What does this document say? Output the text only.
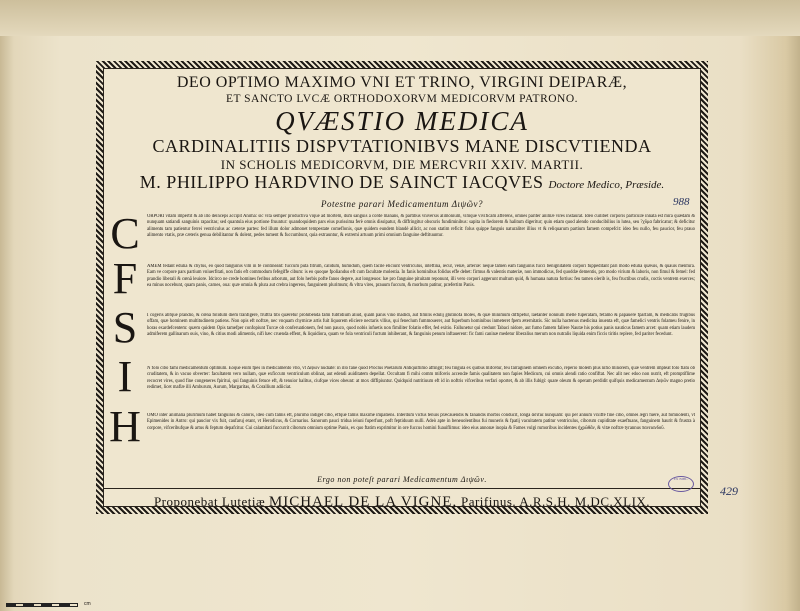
DEO OPTIMO MAXIMO VNI ET TRINO, VIRGINI DEIPARÆ,
ET SANCTO LVCÆ ORTHODOXORVM MEDICORVM PATRONO.
QVÆSTIO MEDICA
CARDINALITIIS DISPVTATIONIBVS MANE DISCVTIENDA
IN SCHOLIS MEDICORVM, DIE MERCVRII XXIV. MARTII.
M. PHILIPPO HARDVINO DE SAINCT IACQVES Doctore Medico, Præside.
Potestne parari Medicamentum Διψῶν?	988
C	ORPORI vitam impertit & ab illo deinceps accipit Anima: sic vita semper productiva vique ad mortem, dum sanguis à corde manans, & partibus vniversis alimonium, vimque vivificam afferens, omnes pariter animæ vires instaurat. Ideò cuilibet corporis particulæ innata est mira quædam & nunquam satiandi sanguinis rapacitas; sed quantula eius portione fruuntur: quandoquidem pars eius purissima ferè omnis dissipatur, & diffringitur obscuris fundiminibus: sapita in fiedorem & halitum digeritur; quin etiam quod alendo conducibilius in lutea, seu ?χῦμα fabricatur; & deficitur alimentu tam patientur ferrei ventriculus ac cæteræ partes: fed illum dolor admonet tempestate comeflonis, quæ quidem eundem blandè allicit, ac non statim reficit: folus quippe fanguis naturaliter illius vt & reliquarum partium famem compefcit: ideo feu nullo, feu paucior, feu prauo alimento vtatis, præ cæteris genua debilitantur & dolent, pedes tument & fuccumbunt, quia extrauntur, & extremi artuum primi omnium fanguine deftituuntur.
F	AMEM fedant edulia & chylus, eo quod fanguinis vim in fe contineant: fuccum puta fitrum, calidum, humidum, quem facile eliciunt ventriculus, inteftina, iecur, venæ, arteriæ: neque tamen eam fanguinis fucci benignitatem corpori fuppeditant pari modo edulia quæuis, & quauis menfura. Eam ve corpore pars partium vniuerfitati, non fatis eft commodum fefegiffe cibum: is eo quoque fpoliandus eft cum facultate molestia. In fanis hominibus folidus effe debet: firmus & valentis materiæ, non immodicus, fed quoddæ dementis, pro modo virium & laboris, non fimul & femel: fed prandio liberali & cœnâ leuiore. Idcirco ne crede homines feribus arborum, aut folo herbis pofte fanos degere, aut longæuos: hæ pro fanguine pituitam reponunt, illi vero corpori aggerunt multum quid, & humana natura fortius: feu tamen olerib is, feu fructibus crudis, coctis ventrem exerces; ea minus nocebunt, quam panis, carnes, oua: quæ omnia & plura aut crebra ingerens, fanguinem plurimum; & vltra vires, prauum fuccum, & morbum patitur, præfertim Panis.
S	I cogeris abfque prandio, & cœnâ folidum diem tranfigere, fruftrà tibi quæretur prohibenda fami fubfidium aliud, quàm panis vino madidi, aut fimilis edulij glutinofa moles, & quæ minimùm diffipetur, laétanter nonnulli melle fuperatam, fefamo & papauere fparfam, & medicatis frugibus offam, quæ hominem multitudinem patiens. Non opis eft noftræ, nec vnquam chymicæ artis fuit liquorem eliciere nectaris vllius, qui feneclum fummouerer, aut fuperbum hominibus inmeteret fpem æternitatis. Sic nulla hactenus medicina inuenta eft, quæ famelici ventris folameu fenire, in horas exardefcentem: quæm quidem Opis tamefper confopiunt Turcæ ob conferuationem, fed non pauco, quod nobis infuetis non fimiliter folatio effet, fed exitio. Fallunetur qui credunt Tabaci nidore, aut fumo famem fallere Nautæ his potius panis nauticus famem arcet: quam etiam laudem admiferem gallinarum ouis, vino, & citius modi alimentis, nifi hæc cruenda effent, & liquidiora, quam ve fola ventriculi fuctum inhiberant, & fanguinis penum inftauerent: fic fami caninæ medetur liberalius merum non nutralis liquida enim ficcis tiritis replere, fed pariter fecedunt.
I	N folo cibo fami medicamentum optimum. Eoque enim fpes in medicamento vllo, vt Διψῶν nudiate: in illo fane quod Proclus Poetarum Antiquiflimo affingit; feu fingula ex quibus mifcetur, feu farraginem omnem excutio, reperio molem plus nifio minorem, quæ ventrem impleat folo flatu ob cruditatem, & in vacuo obverter: facultatem vero nullam, quæ exficcum ventriculum oblinat, aut edendi auiditatem depellat. Occultam fi mihi comm mifceris accendæ famis qualitatem non fapies Medicum, cui omnis alendi ratio confiftat. Nec alit nec edoo non nutrit, eft promptiflime recocret vires, quod fine congeneres fpiritui, qui fanguinis fetuce eft, & tenuior halitus, ciufque vices obeunt: at mox diffipiuntur. Quidquid nutritiuum eft id in noftris vifceribus verfari oportet, & ab illis fubigi: quare oleum & operam perdidit quifquis medicamentum Διψῶν magno pretio redimet, licet maflæ illi Amburum, Aurum, Margaritas, & Corallium adiiciat.
H	OMO inter animalia plurimùm habet fanguinis & caloris, ideo cum famis eft, plurimo indiget cibo, eftque famis maximè impatiens. Interdùm victus tenuis præcauendis & fanandis morbis conducit, longa ἀσιτία nunquam: qui per annum vixiffe fine cibo, omnes ægri fuêre, aut fomnolenti, vt Epimenides in Antro: qui paucior vix fuit, caufaruj erant, vt Herodicus, & Cornarius. Sanorum pauci tridua ieiuni fuperfunt, poft feptiduum nulli. Adeò apte in beneuolentibus fui muneris & fpatij vacuitatem patitur ventriculus, ciborum cupiditate exaeftuans, fanguinem haurit & frustra à corpore, vifceribufque & artus & feptum depafcitur. Cui calamitati fuccurrit ciborum omnium optime Panis, ex quo ftatim exprimitur in ore fuccus homini fuauiflimus: ideo eius annonæ inopia & Fames vulgi rumoribus incidentes ἠχρῶθᾶν, & vitæ noftræ tyrannus πανειανδοῦ.
Ergo non poteſt parari Medicamentum Διψῶν.	EX BIBL.
429
Proponebat Lutetiæ MICHAEL DE LA VIGNE, Parifinus. A.R.S.H. M.DC.XLIX.
cm
